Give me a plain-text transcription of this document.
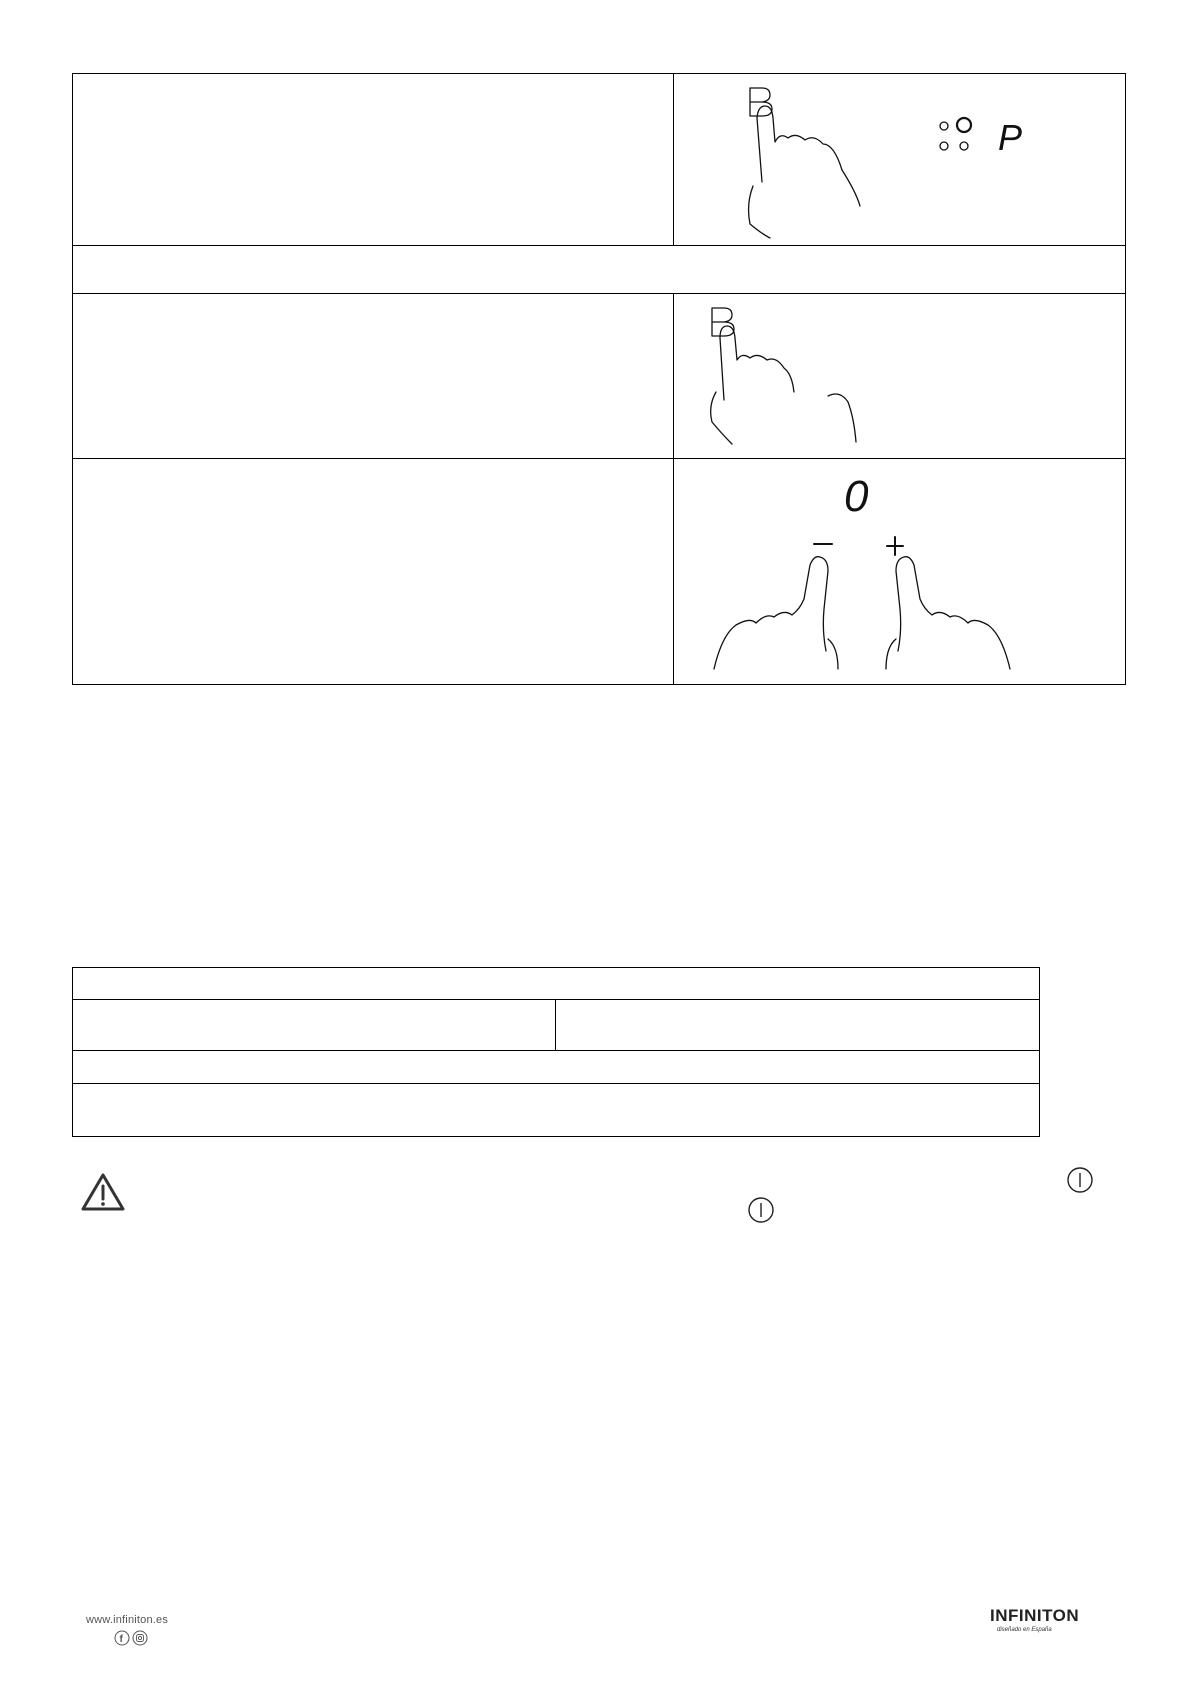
P
0
www.infiniton.es
f
INFINITON
diseñado en España
